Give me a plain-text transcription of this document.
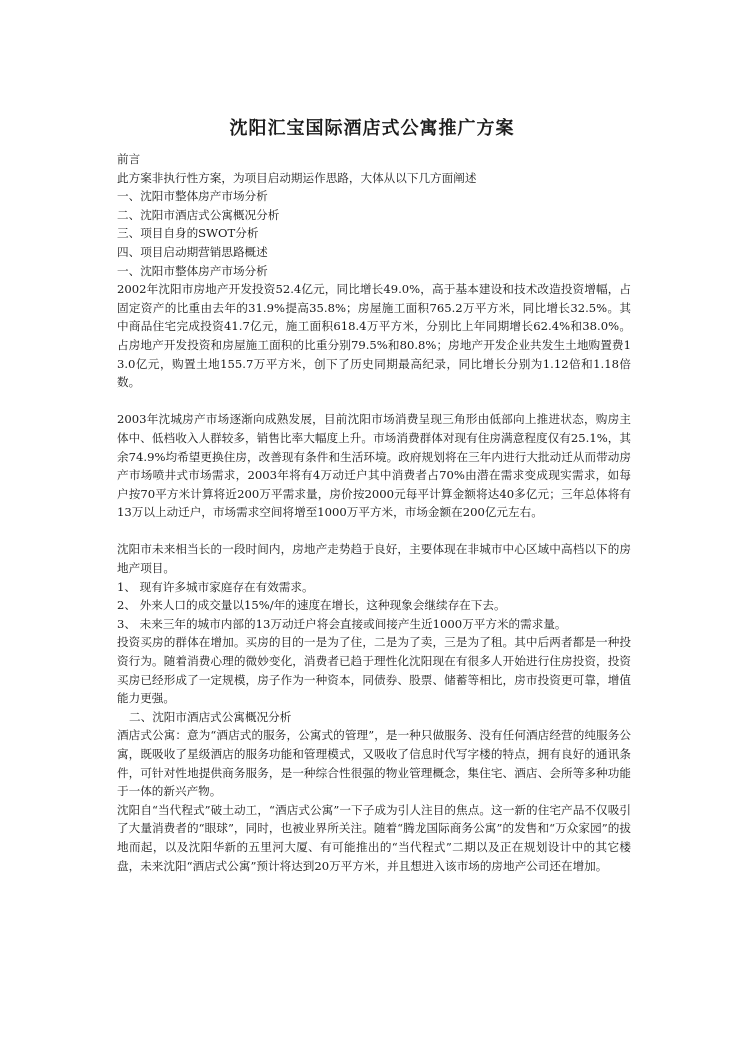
沈阳汇宝国际酒店式公寓推广方案

前言

此方案非执行性方案，为项目启动期运作思路，大体从以下几方面阐述

一、沈阳市整体房产市场分析

二、沈阳市酒店式公寓概况分析

三、项目自身的SWOT分析

四、项目启动期营销思路概述

一、沈阳市整体房产市场分析

2002年沈阳市房地产开发投资52.4亿元，同比增长49.0%，高于基本建设和技术改造投资增幅，占固定资产的比重由去年的31.9%提高35.8%；房屋施工面积765.2万平方米，同比增长32.5%。其中商品住宅完成投资41.7亿元，施工面积618.4万平方米，分别比上年同期增长62.4%和38.0%。占房地产开发投资和房屋施工面积的比重分别79.5%和80.8%；房地产开发企业共发生土地购置费13.0亿元，购置土地155.7万平方米，创下了历史同期最高纪录，同比增长分别为1.12倍和1.18倍数。

2003年沈城房产市场逐渐向成熟发展，目前沈阳市场消费呈现三角形由低部向上推进状态，购房主体中、低档收入人群较多，销售比率大幅度上升。市场消费群体对现有住房满意程度仅有25.1%，其余74.9%均希望更换住房，改善现有条件和生活环境。政府规划将在三年内进行大批动迁从而带动房产市场喷井式市场需求，2003年将有4万动迁户其中消费者占70%由潜在需求变成现实需求，如每户按70平方米计算将近200万平需求量，房价按2000元每平计算金额将达40多亿元；三年总体将有13万以上动迁户，市场需求空间将增至1000万平方米，市场金额在200亿元左右。

沈阳市未来相当长的一段时间内，房地产走势趋于良好，主要体现在非城市中心区域中高档以下的房地产项目。

1、 现有许多城市家庭存在有效需求。

2、 外来人口的成交量以15%/年的速度在增长，这种现象会继续存在下去。

3、 未来三年的城市内部的13万动迁户将会直接或间接产生近1000万平方米的需求量。

投资买房的群体在增加。买房的目的一是为了住，二是为了卖，三是为了租。其中后两者都是一种投资行为。随着消费心理的微妙变化，消费者已趋于理性化沈阳现在有很多人开始进行住房投资，投资买房已经形成了一定规模，房子作为一种资本，同债券、股票、储蓄等相比，房市投资更可靠，增值能力更强。

二、沈阳市酒店式公寓概况分析

酒店式公寓：意为“酒店式的服务，公寓式的管理”，是一种只做服务、没有任何酒店经营的纯服务公寓，既吸收了星级酒店的服务功能和管理模式，又吸收了信息时代写字楼的特点，拥有良好的通讯条件，可针对性地提供商务服务，是一种综合性很强的物业管理概念，集住宅、酒店、会所等多种功能于一体的新兴产物。

沈阳自“当代程式”破土动工，“酒店式公寓”一下子成为引人注目的焦点。这一新的住宅产品不仅吸引了大量消费者的“眼球”，同时，也被业界所关注。随着“腾龙国际商务公寓”的发售和“万众家园”的拔地而起，以及沈阳华新的五里河大厦、有可能推出的“当代程式”二期以及正在规划设计中的其它楼盘，未来沈阳“酒店式公寓”预计将达到20万平方米，并且想进入该市场的房地产公司还在增加。
